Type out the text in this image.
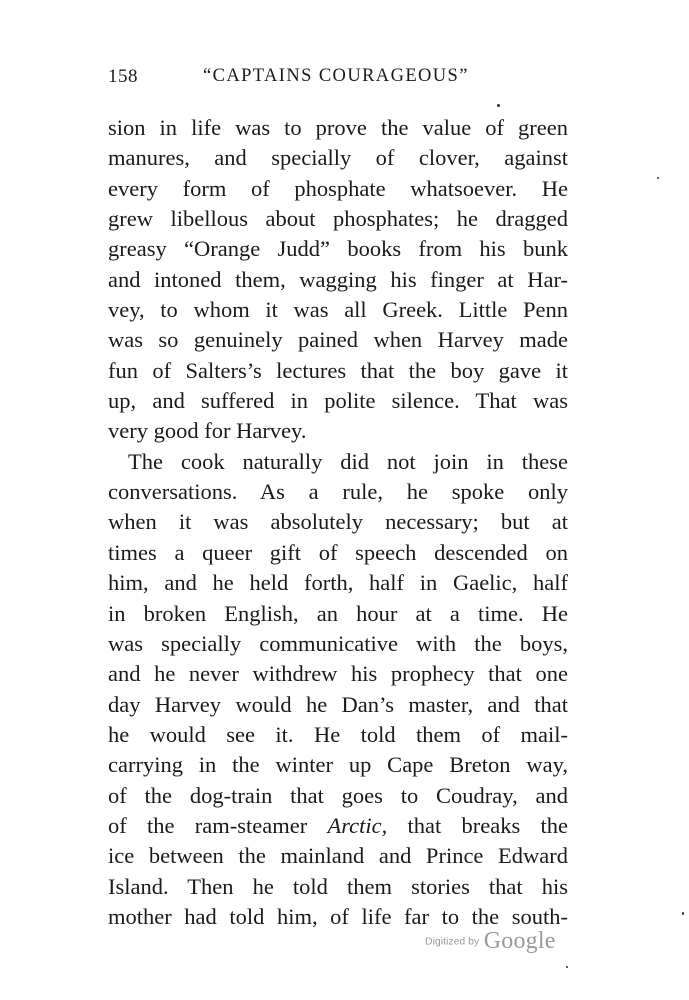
158	“CAPTAINS COURAGEOUS”
sion in life was to prove the value of green
manures, and specially of clover, against
every form of phosphate whatsoever. He
grew libellous about phosphates; he dragged
greasy “Orange Judd” books from his bunk
and intoned them, wagging his finger at Har-
vey, to whom it was all Greek. Little Penn
was so genuinely pained when Harvey made
fun of Salters’s lectures that the boy gave it
up, and suffered in polite silence. That was
very good for Harvey.
The cook naturally did not join in these
conversations. As a rule, he spoke only
when it was absolutely necessary; but at
times a queer gift of speech descended on
him, and he held forth, half in Gaelic, half
in broken English, an hour at a time. He
was specially communicative with the boys,
and he never withdrew his prophecy that one
day Harvey would he Dan’s master, and that
he would see it. He told them of mail-
carrying in the winter up Cape Breton way,
of the dog-train that goes to Coudray, and
of the ram-steamer Arctic, that breaks the
ice between the mainland and Prince Edward
Island. Then he told them stories that his
mother had told him, of life far to the south-
Digitized by Google
